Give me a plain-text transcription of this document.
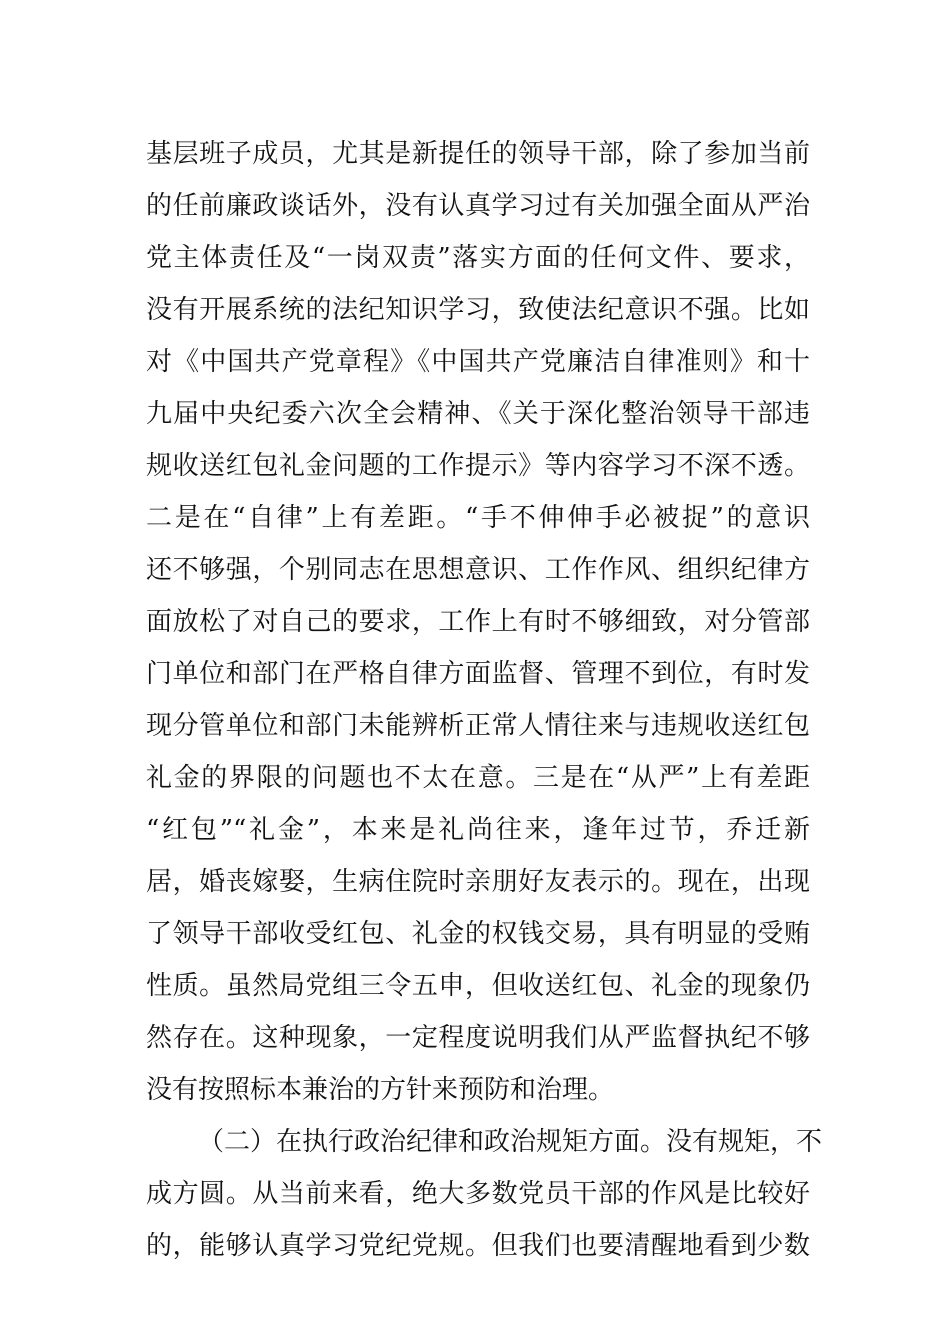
基层班子成员，尤其是新提任的领导干部，除了参加当前
的任前廉政谈话外，没有认真学习过有关加强全面从严治
党主体责任及“一岗双责”落实方面的任何文件、要求，
没有开展系统的法纪知识学习，致使法纪意识不强。比如
对《中国共产党章程》《中国共产党廉洁自律准则》和十
九届中央纪委六次全会精神、《关于深化整治领导干部违
规收送红包礼金问题的工作提示》等内容学习不深不透。
二是在“自律”上有差距。“手不伸伸手必被捉”的意识
还不够强，个别同志在思想意识、工作作风、组织纪律方
面放松了对自己的要求，工作上有时不够细致，对分管部
门单位和部门在严格自律方面监督、管理不到位，有时发
现分管单位和部门未能辨析正常人情往来与违规收送红包
礼金的界限的问题也不太在意。三是在“从严”上有差距
“红包”“礼金”，本来是礼尚往来，逢年过节，乔迁新
居，婚丧嫁娶，生病住院时亲朋好友表示的。现在，出现
了领导干部收受红包、礼金的权钱交易，具有明显的受贿
性质。虽然局党组三令五申，但收送红包、礼金的现象仍
然存在。这种现象，一定程度说明我们从严监督执纪不够
没有按照标本兼治的方针来预防和治理。
（二）在执行政治纪律和政治规矩方面。没有规矩，不
成方圆。从当前来看，绝大多数党员干部的作风是比较好
的，能够认真学习党纪党规。但我们也要清醒地看到少数
